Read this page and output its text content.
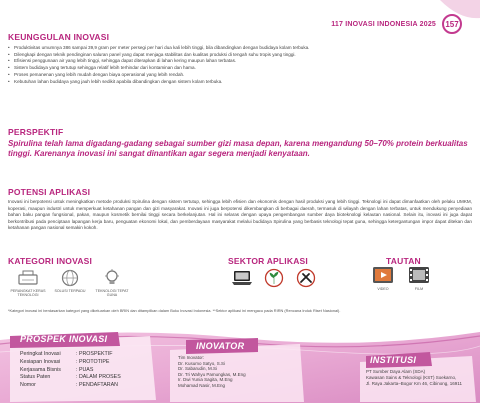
117 INOVASI INDONESIA 2025	157
KEUNGGULAN INOVASI
• Produktivitas umumnya 386 sampai 39,9 gram per meter persegi per hari dua kali lebih tinggi, bila dibandingkan dengan budidaya kolam terbuka.
• Dilengkapi dengan teknik pendinginan saluran panel yang dapat menjaga stabilitas dan kualitas produksi di tengah suhu tropis yang tinggi.
• Efisiensi penggunaan air yang lebih tinggi, sehingga dapat diterapkan di lahan kering maupun lahan terbatas.
• Sistem budidaya yang tertutup sehingga relatif lebih terhindar dari kontaminan dan hama.
• Proses pemanenan yang lebih mudah dengan biaya operasional yang lebih rendah.
• Kebutuhan lahan budidaya yang jauh lebih sedikit apabila dibandingkan dengan sistem kolam terbuka.
PERSPEKTIF

Spirulina telah lama digadang-gadang sebagai sumber gizi masa depan, karena mengandung 50–70% protein berkualitas tinggi. Karenanya inovasi ini sangat dinantikan agar segera menjadi kenyataan.

POTENSI APLIKASI

Inovasi ini berpotensi untuk meningkatkan metode produksi Spirulina dengan sistem tertutup, sehingga lebih efisien dan ekonomis dengan hasil produksi yang lebih tinggi. Teknologi ini dapat dimanfaatkan oleh pelaku UMKM, koperasi, maupun industri untuk memperkuat ketahanan pangan dan gizi masyarakat. Inovasi ini juga berpotensi dikembangkan di berbagai daerah, termasuk di wilayah dengan lahan terbatas, untuk mendukung penyediaan bahan baku pangan fungsional, pakan, maupun kosmetik bernilai tinggi secara berkelanjutan. Hal ini selaras dengan upaya pengembangan sumber daya bioteknologi kelautan nasional. Selain itu, inovasi ini juga dapat berkontribusi pada penciptaan lapangan kerja baru, penguatan ekonomi lokal, dan pemberdayaan masyarakat melalui budidaya Spirulina yang berbasis teknologi tepat guna, sehingga ketergantungan impor dapat ditekan dan ketahanan pangan nasional semakin kokoh.

KATEGORI INOVASI
PERANGKAT KERAS TEKNOLOGI
SOLUSI TERPADU	TEKNOLOGI TEPAT GUNA
SEKTOR APLIKASI	TAUTAN
VIDEO	FILM

*Kategori inovasi ini berdasarkan kategori yang dikeluarkan oleh BRIN dan ditampilkan dalam Buku Inovasi Indonesia. **Sektor aplikasi ini mengacu pada RIRN (Rencana Induk Riset Nasional).

PROSPEK INOVASI
Peringkat Inovasi	: PROSPEKTIF
Kesiapan Inovasi	: PROTOTIPE
Kerjasama Bisnis	: PUAS
Status Paten	: DALAM PROSES
Nomor	: PENDAFTARAN
INOVATOR
Tim Inovator:
Dr. Kusumo Satyo, S.Si
Dr. Sabarudin, M.Si
Dr. Tri Wahyu Pamungkas, M.Eng
Ir. Dwi Yunia Sagita, M.Eng
Mohamad Nasir, M.Eng
INSTITUSI
PT Sumber Daya Alam (SDA)
Kawasan Sains & Teknologi (KST) Soekarno,
Jl. Raya Jakarta–Bogor Km 46, Cibinong, 16911
